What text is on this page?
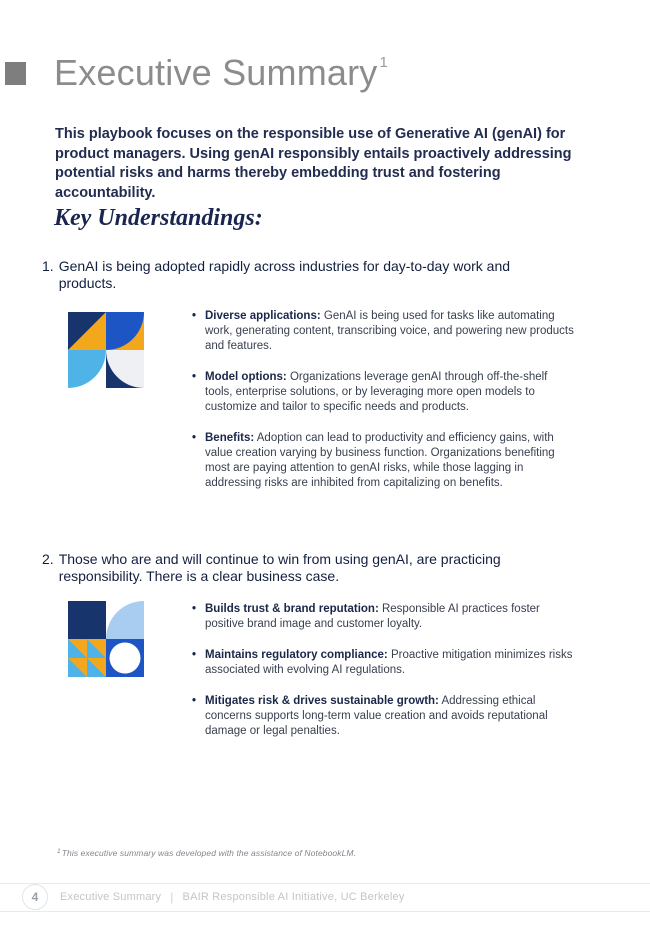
Executive Summary $^1$

This playbook focuses on the responsible use of Generative AI (genAI) for product managers. Using genAI responsibly entails proactively addressing potential risks and harms thereby embedding trust and fostering accountability.

Key Understandings:
1. GenAI is being adopted rapidly across industries for day-to-day work and products.
• Diverse applications: GenAI is being used for tasks like automating work, generating content, transcribing voice, and powering new products and features.
• Model options: Organizations leverage genAI through off-the-shelf tools, enterprise solutions, or by leveraging more open models to customize and tailor to specific needs and products.
• Benefits: Adoption can lead to productivity and efficiency gains, with value creation varying by business function. Organizations benefiting most are paying attention to genAI risks, while those lagging in addressing risks are inhibited from capitalizing on benefits.
2. Those who are and will continue to win from using genAI, are practicing responsibility. There is a clear business case.
• Builds trust & brand reputation: Responsible AI practices foster positive brand image and customer loyalty.
• Maintains regulatory compliance: Proactive mitigation minimizes risks associated with evolving AI regulations.
• Mitigates risk & drives sustainable growth: Addressing ethical concerns supports long-term value creation and avoids reputational damage or legal penalties.
$^1$This executive summary was developed with the assistance of NotebookLM.
4 Executive Summary | BAIR Responsible AI Initiative, UC Berkeley
